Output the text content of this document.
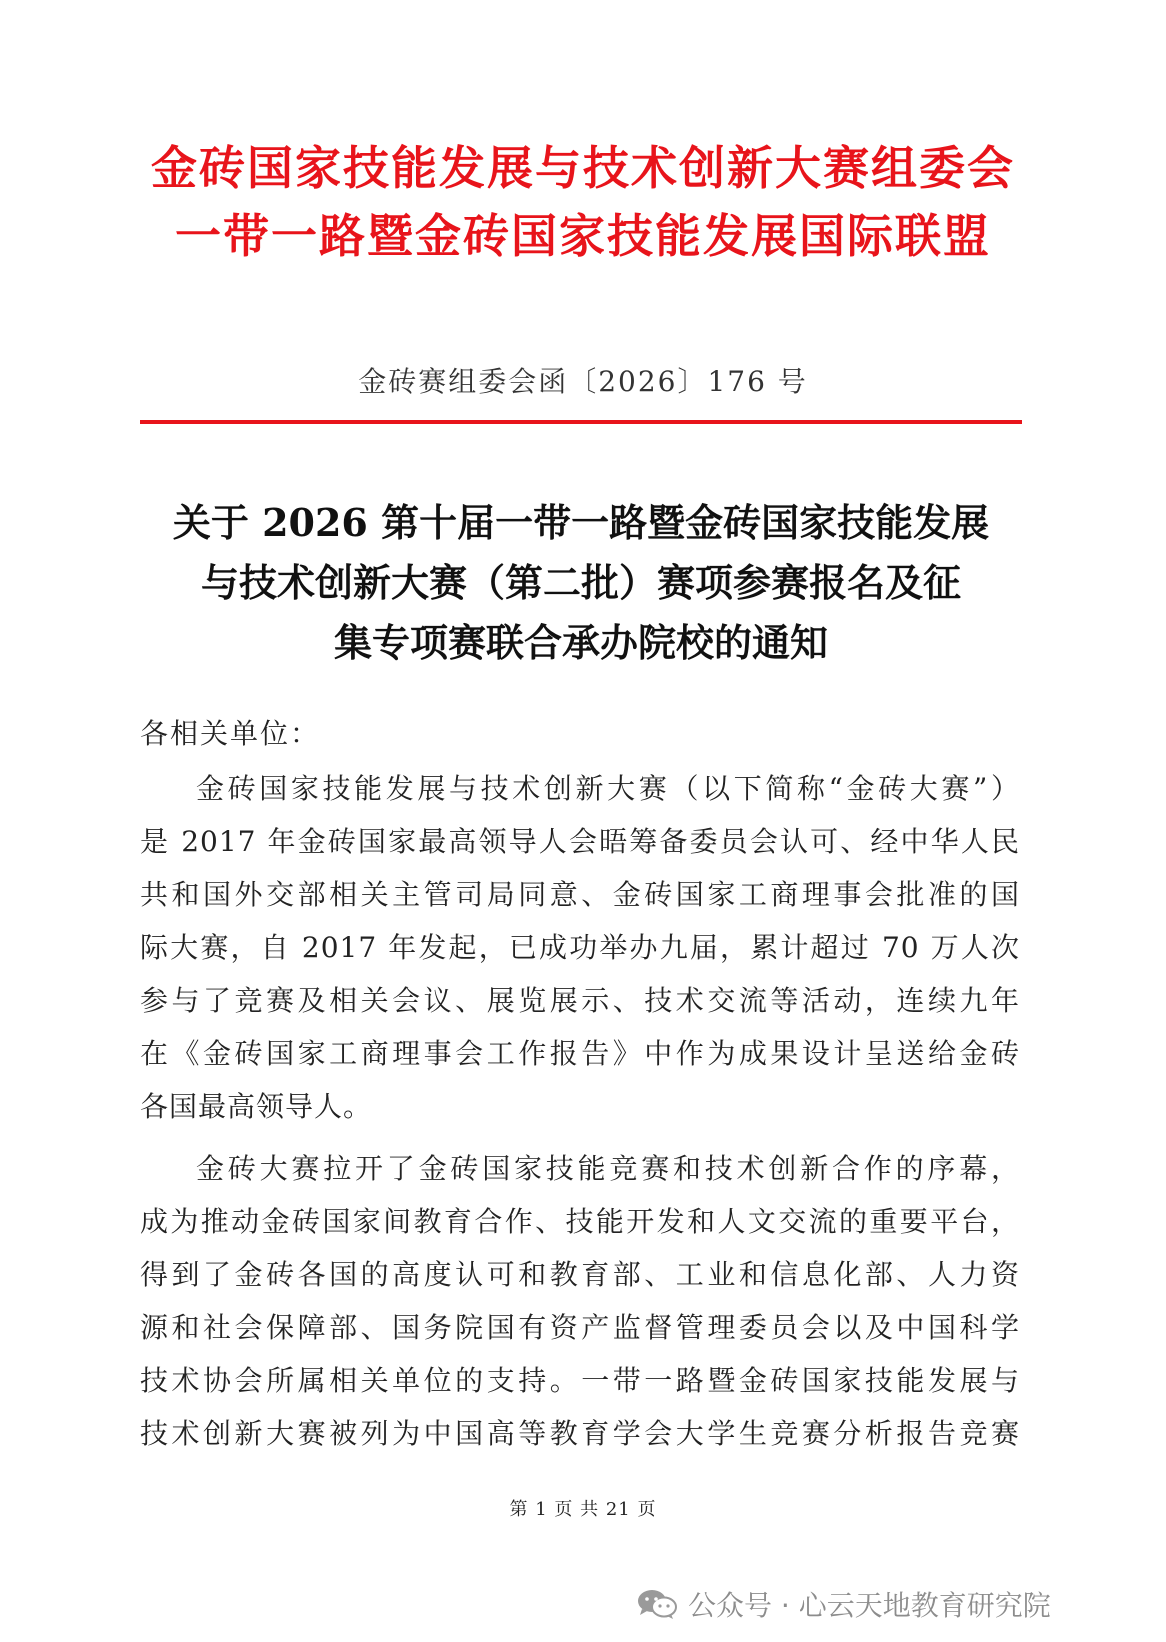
金砖国家技能发展与技术创新大赛组委会
一带一路暨金砖国家技能发展国际联盟
金砖赛组委会函〔2026〕176 号
关于 2026 第十届一带一路暨金砖国家技能发展
与技术创新大赛（第二批）赛项参赛报名及征
集专项赛联合承办院校的通知
各相关单位：
金砖国家技能发展与技术创新大赛（以下简称“金砖大赛”）
是 2017 年金砖国家最高领导人会晤筹备委员会认可、经中华人民
共和国外交部相关主管司局同意、金砖国家工商理事会批准的国
际大赛，自 2017 年发起，已成功举办九届，累计超过 70 万人次
参与了竞赛及相关会议、展览展示、技术交流等活动，连续九年
在《金砖国家工商理事会工作报告》中作为成果设计呈送给金砖
各国最高领导人。
金砖大赛拉开了金砖国家技能竞赛和技术创新合作的序幕，
成为推动金砖国家间教育合作、技能开发和人文交流的重要平台，
得到了金砖各国的高度认可和教育部、工业和信息化部、人力资
源和社会保障部、国务院国有资产监督管理委员会以及中国科学
技术协会所属相关单位的支持。一带一路暨金砖国家技能发展与
技术创新大赛被列为中国高等教育学会大学生竞赛分析报告竞赛
第 1 页 共 21 页
公众号 · 心云天地教育研究院
